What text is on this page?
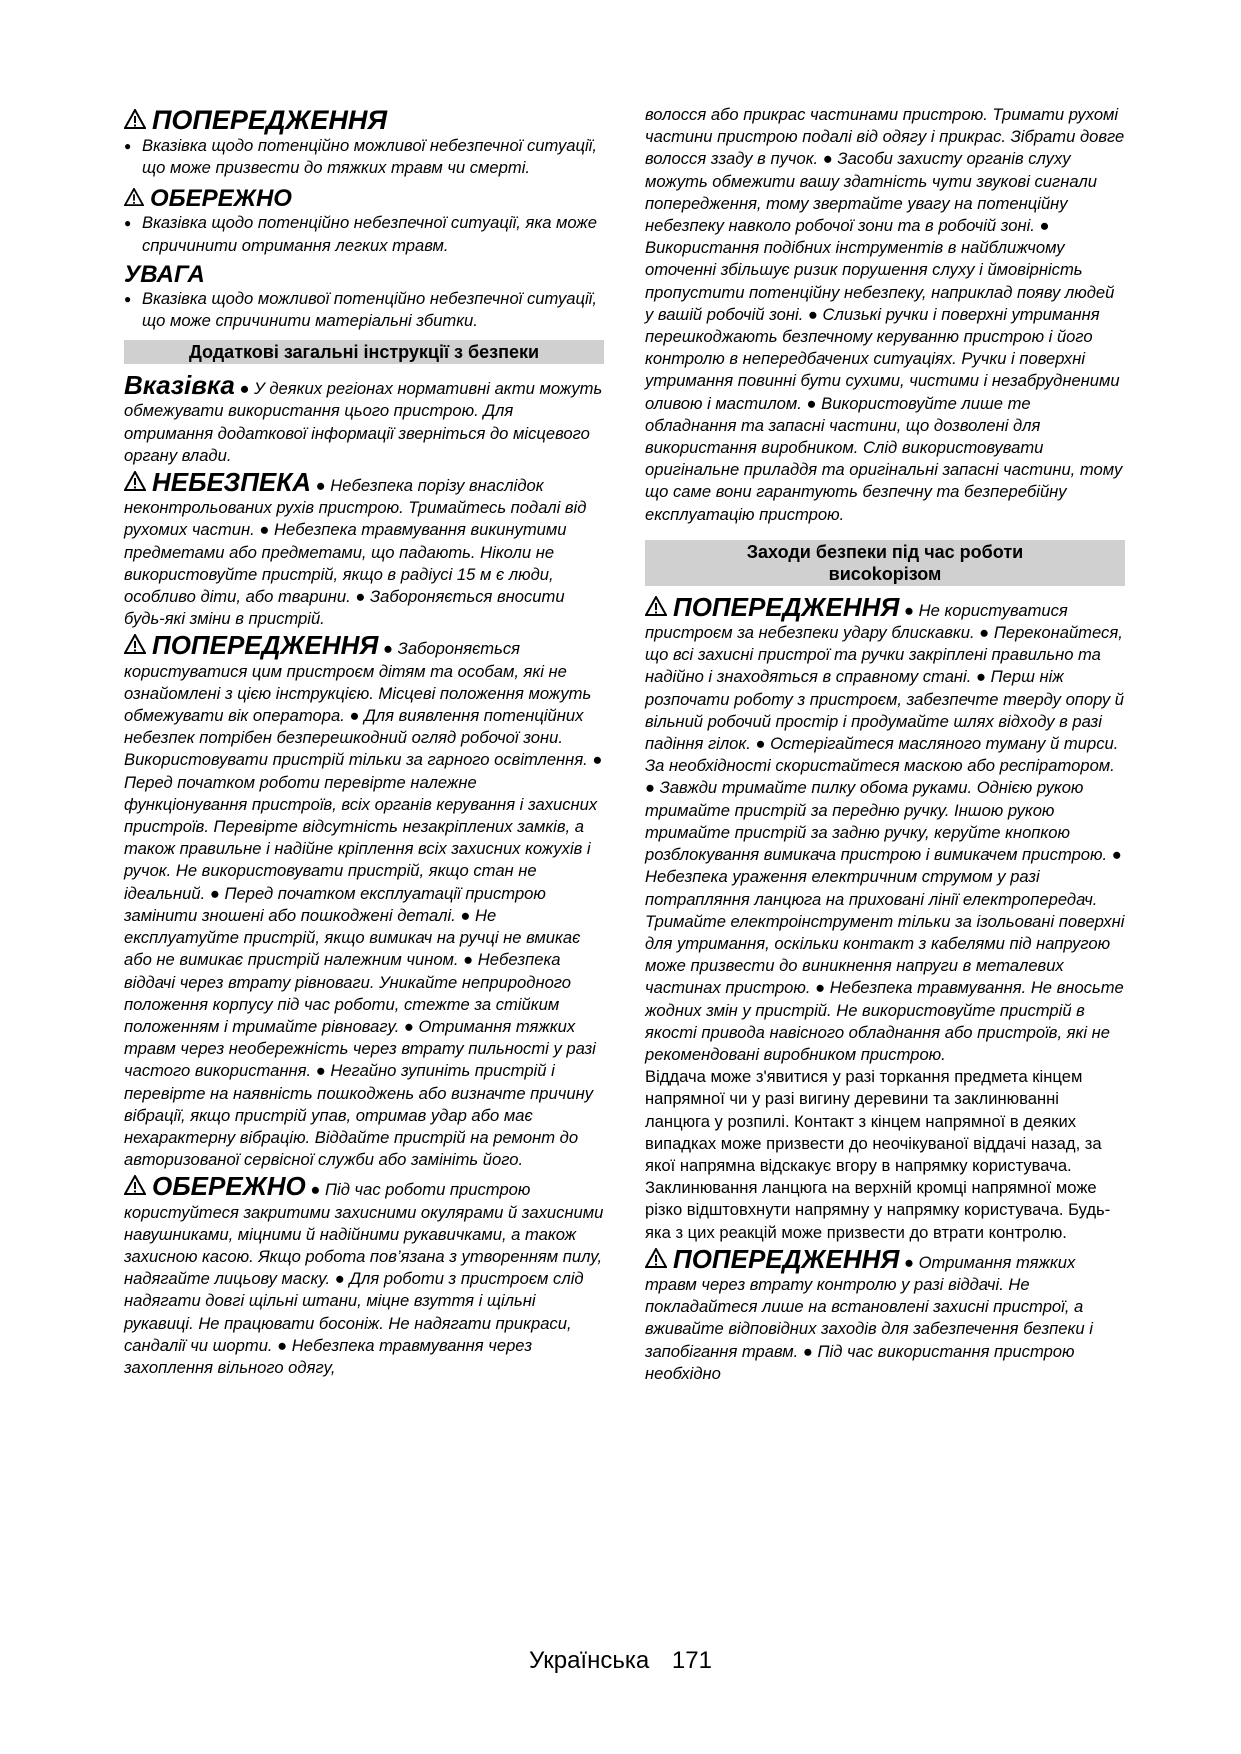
ПОПЕРЕДЖЕННЯ
● Вказівка щодо потенційно можливої небезпечної ситуації, що може призвести до тяжких травм чи смерті.
ОБЕРЕЖНО
● Вказівка щодо потенційно небезпечної ситуації, яка може спричинити отримання легких травм.
УВАГА
● Вказівка щодо можливої потенційно небезпечної ситуації, що може спричинити матеріальні збитки.
Додаткові загальні інструкції з безпеки

Вказівка ● У деяких регіонах нормативні акти можуть обмежувати використання цього пристрою. Для отримання додаткової інформації зверніться до місцевого органу влади.

НЕБЕЗПЕКА ● Небезпека порізу внаслідок неконтрольованих рухів пристрою. Тримайтесь подалі від рухомих частин. ● Небезпека травмування викинутими предметами або предметами, що падають. Ніколи не використовуйте пристрій, якщо в радіусі 15 м є люди, особливо діти, або тварини. ● Забороняється вносити будь-які зміни в пристрій.

ПОПЕРЕДЖЕННЯ ● Забороняється користуватися цим пристроєм дітям та особам, які не ознайомлені з цією інструкцією. Місцеві положення можуть обмежувати вік оператора. ● Для виявлення потенційних небезпек потрібен безперешкодний огляд робочої зони. Використовувати пристрій тільки за гарного освітлення. ● Перед початком роботи перевірте належне функціонування пристроїв, всіх органів керування і захисних пристроїв. Перевірте відсутність незакріплених замків, а також правильне і надійне кріплення всіх захисних кожухів і ручок. Не використовувати пристрій, якщо стан не ідеальний. ● Перед початком експлуатації пристрою замінити зношені або пошкоджені деталі. ● Не експлуатуйте пристрій, якщо вимикач на ручці не вмикає або не вимикає пристрій належним чином. ● Небезпека віддачі через втрату рівноваги. Уникайте неприродного положення корпусу під час роботи, стежте за стійким положенням і тримайте рівновагу. ● Отримання тяжких травм через необережність через втрату пильності у разі частого використання. ● Негайно зупиніть пристрій і перевірте на наявність пошкоджень або визначте причину вібрації, якщо пристрій упав, отримав удар або має нехарактерну вібрацію. Віддайте пристрій на ремонт до авторизованої сервісної служби або замініть його.

ОБЕРЕЖНО ● Під час роботи пристрою користуйтеся закритими захисними окулярами й захисними навушниками, міцними й надійними рукавичками, а також захисною касою. Якщо робота пов’язана з утворенням пилу, надягайте лицьову маску. ● Для роботи з пристроєм слід надягати довгі щільні штани, міцне взуття і щільні рукавиці. Не працювати босоніж. Не надягати прикраси, сандалії чи шорти. ● Небезпека травмування через захоплення вільного одягу,

волосся або прикрас частинами пристрою. Тримати рухомі частини пристрою подалі від одягу і прикрас. Зібрати довге волосся ззаду в пучок. ● Засоби захисту органів слуху можуть обмежити вашу здатність чути звукові сигнали попередження, тому звертайте увагу на потенційну небезпеку навколо робочої зони та в робочій зоні. ● Використання подібних інструментів в найближчому оточенні збільшує ризик порушення слуху і ймовірність пропустити потенційну небезпеку, наприклад появу людей у вашій робочій зоні. ● Слизькі ручки і поверхні утримання перешкоджають безпечному керуванню пристрою і його контролю в непередбачених ситуаціях. Ручки і поверхні утримання повинні бути сухими, чистими і незабрудненими оливою і мастилом. ● Використовуйте лише те обладнання та запасні частини, що дозволені для використання виробником. Слід використовувати оригінальне приладдя та оригінальні запасні частини, тому що саме вони гарантують безпечну та безперебійну експлуатацію пристрою.

Заходи безпеки під час роботи
висоkорізом

ПОПЕРЕДЖЕННЯ ● Не користуватися пристроєм за небезпеки удару блискавки. ● Переконайтеся, що всі захисні пристрої та ручки закріплені правильно та надійно і знаходяться в справному стані. ● Перш ніж розпочати роботу з пристроєм, забезпечте тверду опору й вільний робочий простір і продумайте шлях відходу в разі падіння гілок. ● Остерігайтеся масляного туману й тирси. За необхідності скористайтеся маскою або респіратором. ● Завжди тримайте пилку обома руками. Однією рукою тримайте пристрій за передню ручку. Іншою рукою тримайте пристрій за задню ручку, керуйте кнопкою розблокування вимикача пристрою і вимикачем пристрою. ● Небезпека ураження електричним струмом у разі потрапляння ланцюга на приховані лінії електропередач. Тримайте електроінструмент тільки за ізольовані поверхні для утримання, оскільки контакт з кабелями під напругою може призвести до виникнення напруги в металевих частинах пристрою. ● Небезпека травмування. Не вносьте жодних змін у пристрій. Не використовуйте пристрій в якості привода навісного обладнання або пристроїв, які не рекомендовані виробником пристрою.

Віддача може з'явитися у разі торкання предмета кінцем напрямної чи у разі вигину деревини та заклинюванні ланцюга у розпилі. Контакт з кінцем напрямної в деяких випадках може призвести до неочікуваної віддачі назад, за якої напрямна відскакує вгору в напрямку користувача. Заклинювання ланцюга на верхній кромці напрямної може різко відштовхнути напрямну у напрямку користувача. Будь-яка з цих реакцій може призвести до втрати контролю.

ПОПЕРЕДЖЕННЯ ● Отримання тяжких травм через втрату контролю у разі віддачі. Не покладайтеся лише на встановлені захисні пристрої, а вживайте відповідних заходів для забезпечення безпеки і запобігання травм. ● Під час використання пристрою необхідно

Українська 171
